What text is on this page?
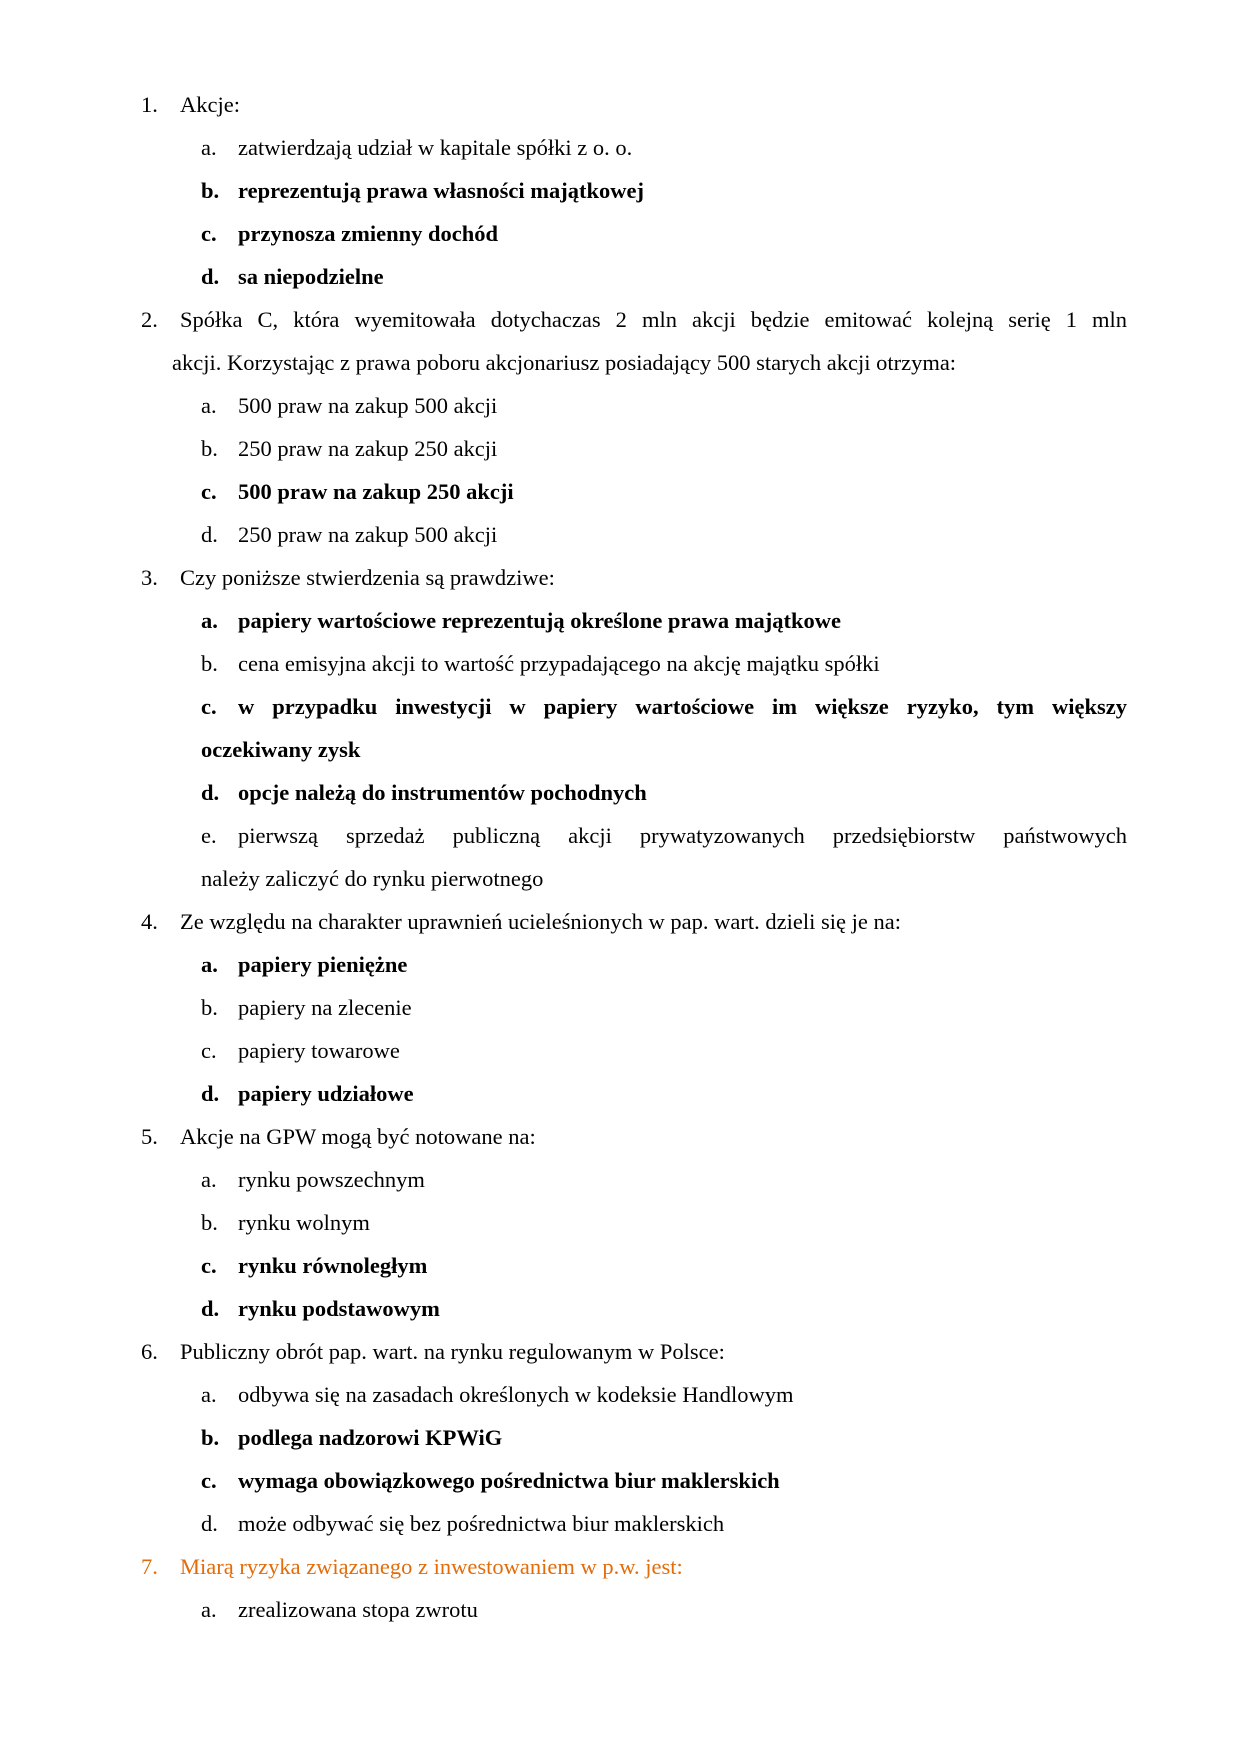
1. Akcje:
a. zatwierdzają udział w kapitale spółki z o. o.
b. reprezentują prawa własności majątkowej
c. przynosza zmienny dochód
d. sa niepodzielne
2. Spółka C, która wyemitowała dotychaczas 2 mln akcji będzie emitować kolejną serię 1 mln
akcji. Korzystając z prawa poboru akcjonariusz posiadający 500 starych akcji otrzyma:
a. 500 praw na zakup 500 akcji
b. 250 praw na zakup 250 akcji
c. 500 praw na zakup 250 akcji
d. 250 praw na zakup 500 akcji
3. Czy poniższe stwierdzenia są prawdziwe:
a. papiery wartościowe reprezentują określone prawa majątkowe
b. cena emisyjna akcji to wartość przypadającego na akcję majątku spółki
c. w przypadku inwestycji w papiery wartościowe im większe ryzyko, tym większy
oczekiwany zysk
d. opcje należą do instrumentów pochodnych
e. pierwszą sprzedaż publiczną akcji prywatyzowanych przedsiębiorstw państwowych
należy zaliczyć do rynku pierwotnego
4. Ze względu na charakter uprawnień ucieleśnionych w pap. wart. dzieli się je na:
a. papiery pieniężne
b. papiery na zlecenie
c. papiery towarowe
d. papiery udziałowe
5. Akcje na GPW mogą być notowane na:
a. rynku powszechnym
b. rynku wolnym
c. rynku równoległym
d. rynku podstawowym
6. Publiczny obrót pap. wart. na rynku regulowanym w Polsce:
a. odbywa się na zasadach określonych w kodeksie Handlowym
b. podlega nadzorowi KPWiG
c. wymaga obowiązkowego pośrednictwa biur maklerskich
d. może odbywać się bez pośrednictwa biur maklerskich
7. Miarą ryzyka związanego z inwestowaniem w p.w. jest:
a. zrealizowana stopa zwrotu
